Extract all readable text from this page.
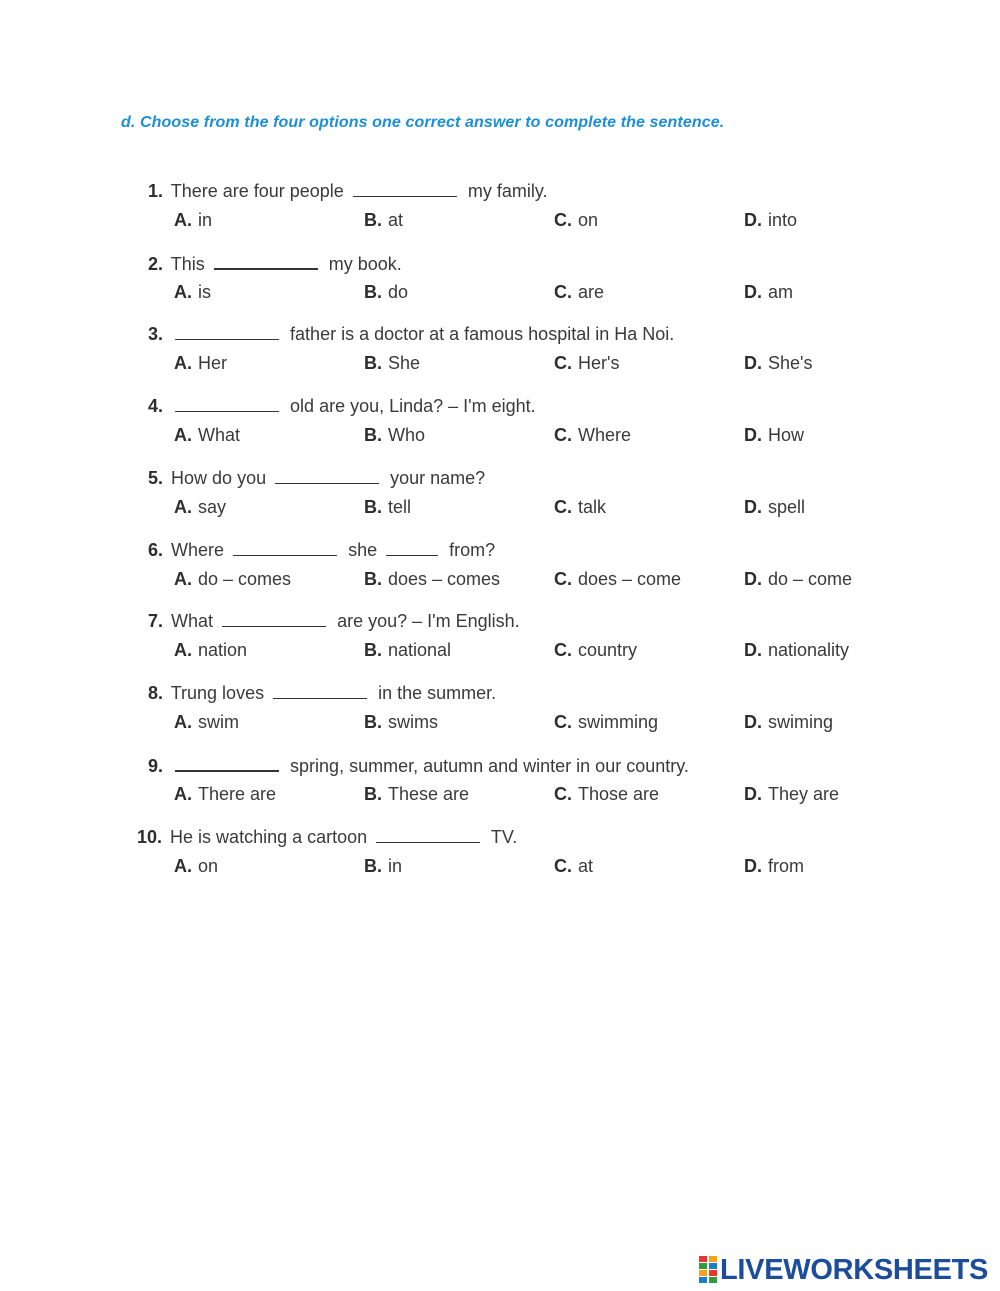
d. Choose from the four options one correct answer to complete the sentence.
1. There are four people	my family.
A. in	B. at	C. on	D. into
2. This	my book.
A. is	B. do	C. are	D. am
3.	father is a doctor at a famous hospital in Ha Noi.
A. Her	B. She	C. Her's	D. She's
4.	old are you, Linda? – I'm eight.
A. What	B. Who	C. Where	D. How
5. How do you	your name?
A. say	B. tell	C. talk	D. spell
6. Where	she	from?
A. do – comes	B. does – comes	C. does – come	D. do – come
7. What	are you? – I'm English.
A. nation	B. national	C. country	D. nationality
8. Trung loves	in the summer.
A. swim	B. swims	C. swimming	D. swiming
9.	spring, summer, autumn and winter in our country.
A. There are	B. These are	C. Those are	D. They are
10. He is watching a cartoon	TV.
A. on	B. in	C. at	D. from
LIVEWORKSHEETS
